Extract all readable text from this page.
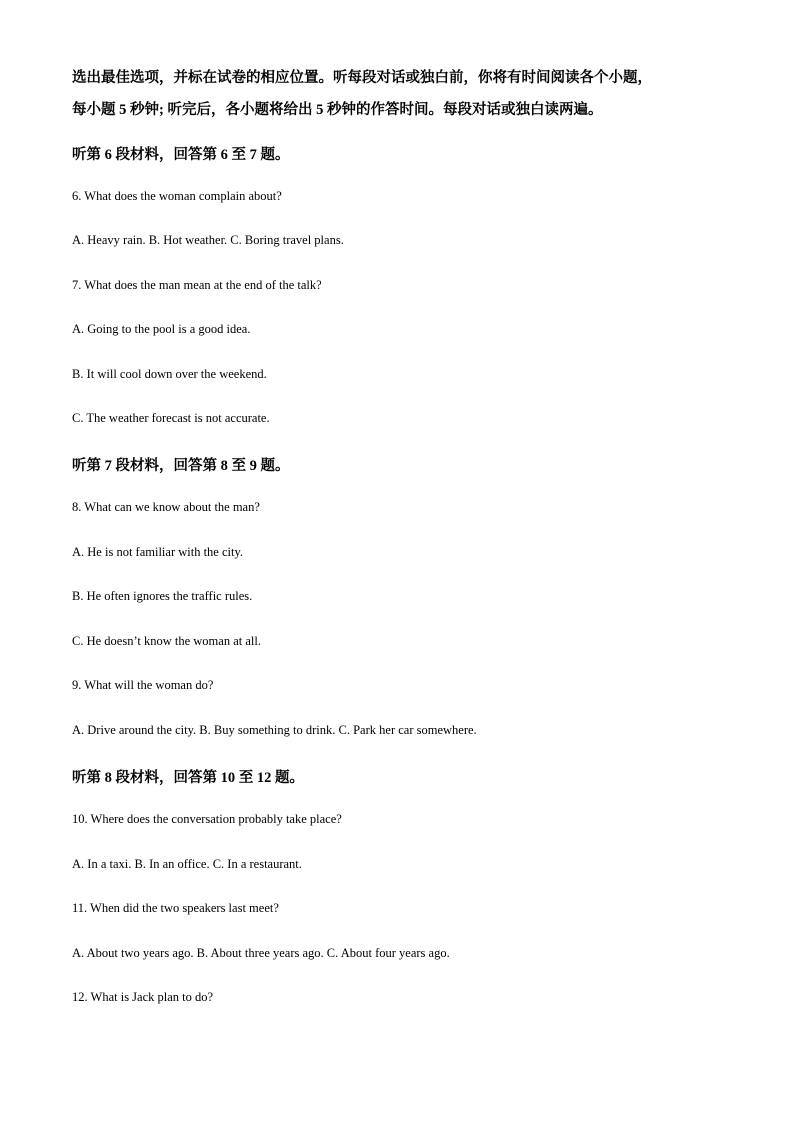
选出最佳选项，并标在试卷的相应位置。听每段对话或独白前，你将有时间阅读各个小题，
每小题 5 秒钟; 听完后，各小题将给出 5 秒钟的作答时间。每段对话或独白读两遍。
听第 6 段材料，回答第 6 至 7 题。
6. What does the woman complain about?
A. Heavy rain. B. Hot weather. C. Boring travel plans.
7. What does the man mean at the end of the talk?
A. Going to the pool is a good idea.
B. It will cool down over the weekend.
C. The weather forecast is not accurate.
听第 7 段材料，回答第 8 至 9 题。
8. What can we know about the man?
A. He is not familiar with the city.
B. He often ignores the traffic rules.
C. He doesn’t know the woman at all.
9. What will the woman do?
A. Drive around the city. B. Buy something to drink. C. Park her car somewhere.
听第 8 段材料，回答第 10 至 12 题。
10. Where does the conversation probably take place?
A. In a taxi. B. In an office. C. In a restaurant.
11. When did the two speakers last meet?
A. About two years ago. B. About three years ago. C. About four years ago.
12. What is Jack plan to do?
